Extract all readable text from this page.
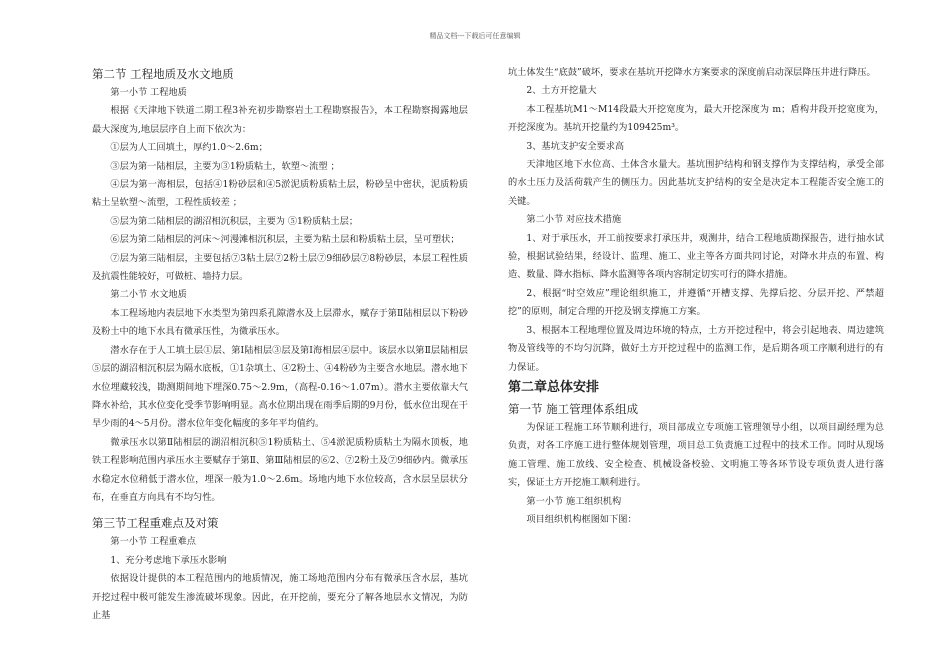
精品文档---下载后可任意编辑

第二节 工程地质及水文地质

第一小节 工程地质

根据《天津地下铁道二期工程3补充初步勘察岩土工程勘察报告》，本工程勘察揭露地层最大深度为,地层层序自上而下依次为：

①层为人工回填土，厚约1.0～2.6m；

③层为第一陆相层，主要为③1粉质粘土，软塑～流塑 ；

④层为第一海相层，包括④1粉砂层和④5淤泥质粉质粘土层，粉砂呈中密状，泥质粉质粘土呈软塑～流塑，工程性质较差 ；

⑤层为第二陆相层的湖沼相沉积层，主要为 ⑤1粉质粘土层；

⑥层为第二陆相层的河床～河漫滩相沉积层，主要为粘土层和粉质粘土层，呈可塑状；

⑦层为第三陆相层，主要包括⑦3粘土层⑦2粉土层⑦9细砂层⑦8粉砂层，本层工程性质及抗震性能较好，可做桩、墙持力层。

第二小节 水文地质

本工程场地内表层地下水类型为第四系孔隙潜水及上层滞水，赋存于第Ⅱ陆相层以下粉砂及粉土中的地下水具有微承压性，为微承压水。

潜水存在于人工填土层①层、第Ⅰ陆相层③层及第Ⅰ海相层④层中。该层水以第Ⅱ层陆相层⑤层的湖沼相沉积层为隔水底板，①1杂填土、④2粉土、④4粉砂为主要含水地层。潜水地下水位埋藏较浅，勘测期间地下埋深0.75～2.9m，（高程-0.16～1.07m）。潜水主要依靠大气降水补给，其水位变化受季节影响明显。高水位期出现在雨季后期的9月份，低水位出现在干旱少雨的4～5月份。潜水位年变化幅度的多年平均值约。

微承压水以第Ⅱ陆相层的湖沼相沉积⑤1粉质粘土、⑤4淤泥质粉质粘土为隔水顶板，地铁工程影响范围内承压水主要赋存于第Ⅱ、第Ⅲ陆相层的⑥2、⑦2粉土及⑦9细砂内。微承压水稳定水位稍低于潜水位，埋深一般为1.0～2.6m。场地内地下水位较高，含水层呈层状分布，在垂直方向具有不均匀性。

第三节工程重难点及对策

第一小节 工程重难点

1、充分考虑地下承压水影响

依据设计提供的本工程范围内的地质情况，施工场地范围内分布有微承压含水层，基坑开挖过程中极可能发生渗流破坏现象。因此，在开挖前，要充分了解各地层水文情况，为防止基

坑土体发生“底鼓”破坏，要求在基坑开挖降水方案要求的深度前启动深层降压井进行降压。

2、土方开挖量大

本工程基坑M1～M14段最大开挖宽度为，最大开挖深度为 m；盾构井段开挖宽度为，开挖深度为。基坑开挖量约为109425m³。

3、基坑支护安全要求高

天津地区地下水位高、土体含水量大。基坑围护结构和钢支撑作为支撑结构，承受全部的水土压力及活荷载产生的侧压力。因此基坑支护结构的安全是决定本工程能否安全施工的关键。

第二小节 对应技术措施

1、对于承压水，开工前按要求打承压井，观测井，结合工程地质勘探报告，进行抽水试验，根据试验结果，经设计、监理、施工、业主等各方面共同讨论，对降水井点的布置、构造、数量、降水指标、降水监测等各项内容制定切实可行的降水措施。

2、根据“时空效应”理论组织施工，并遵循“开槽支撑、先撑后挖、分层开挖、严禁超挖”的原则，制定合理的开挖及钢支撑施工方案。

3、根据本工程地理位置及周边环境的特点，土方开挖过程中，将会引起地表、周边建筑物及管线等的不均匀沉降，做好土方开挖过程中的监测工作，是后期各项工序顺利进行的有力保证。

第二章总体安排

第一节 施工管理体系组成

为保证工程施工环节顺利进行，项目部成立专项施工管理领导小组，以项目副经理为总负责，对各工序施工进行整体规划管理，项目总工负责施工过程中的技术工作。同时从现场施工管理、施工放线、安全检查、机械设备校验、文明施工等各环节设专项负责人进行落实，保证土方开挖施工顺利进行。

第一小节 施工组织机构

项目组织机构框图如下图：
